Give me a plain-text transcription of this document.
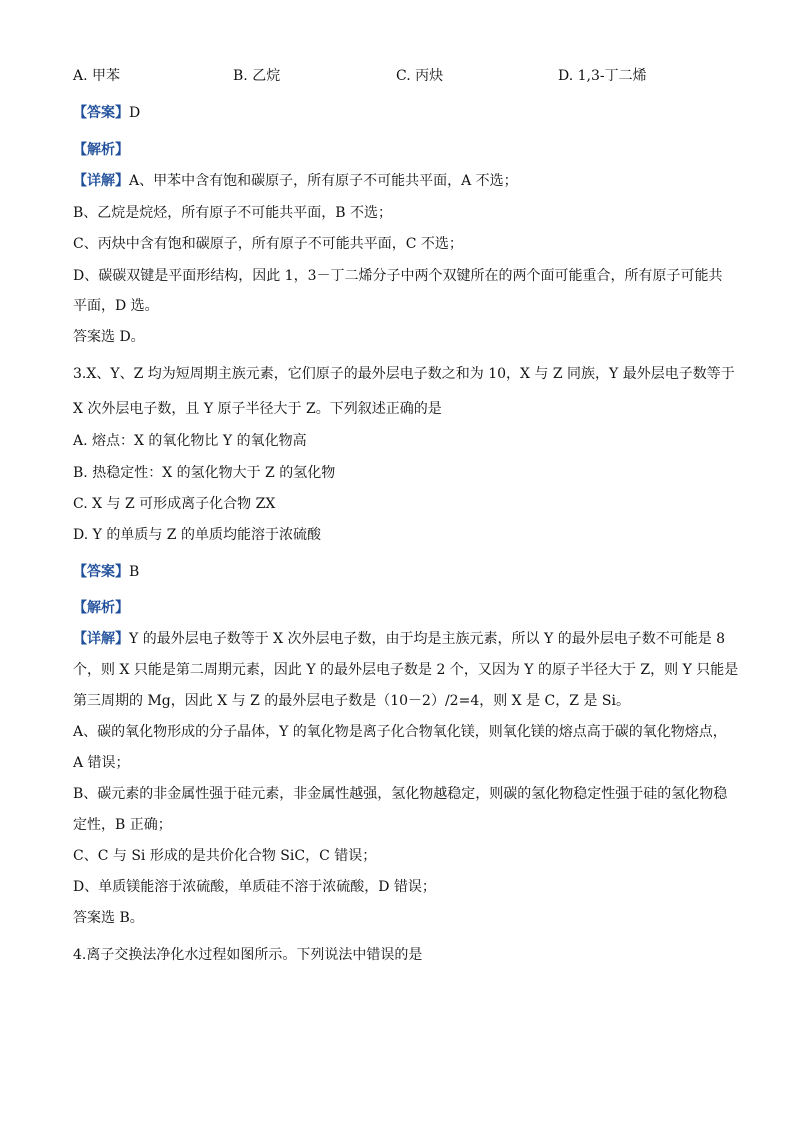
A. 甲苯	B. 乙烷	C. 丙炔	D. 1,3-丁二烯
【答案】D
【解析】
【详解】A、甲苯中含有饱和碳原子，所有原子不可能共平面，A 不选；
B、乙烷是烷烃，所有原子不可能共平面，B 不选；
C、丙炔中含有饱和碳原子，所有原子不可能共平面，C 不选；
D、碳碳双键是平面形结构，因此 1，3－丁二烯分子中两个双键所在的两个面可能重合，所有原子可能共
平面，D 选。
答案选 D。
3.X、Y、Z 均为短周期主族元素，它们原子的最外层电子数之和为 10，X 与 Z 同族，Y 最外层电子数等于
X 次外层电子数，且 Y 原子半径大于 Z。下列叙述正确的是
A. 熔点：X 的氧化物比 Y 的氧化物高
B. 热稳定性：X 的氢化物大于 Z 的氢化物
C. X 与 Z 可形成离子化合物 ZX
D. Y 的单质与 Z 的单质均能溶于浓硫酸
【答案】B
【解析】
【详解】Y 的最外层电子数等于 X 次外层电子数，由于均是主族元素，所以 Y 的最外层电子数不可能是 8
个，则 X 只能是第二周期元素，因此 Y 的最外层电子数是 2 个，又因为 Y 的原子半径大于 Z，则 Y 只能是
第三周期的 Mg，因此 X 与 Z 的最外层电子数是（10－2）/2=4，则 X 是 C，Z 是 Si。
A、碳的氧化物形成的分子晶体，Y 的氧化物是离子化合物氧化镁，则氧化镁的熔点高于碳的氧化物熔点，
A 错误；
B、碳元素的非金属性强于硅元素，非金属性越强，氢化物越稳定，则碳的氢化物稳定性强于硅的氢化物稳
定性，B 正确；
C、C 与 Si 形成的是共价化合物 SiC，C 错误；
D、单质镁能溶于浓硫酸，单质硅不溶于浓硫酸，D 错误；
答案选 B。
4.离子交换法净化水过程如图所示。下列说法中错误的是
